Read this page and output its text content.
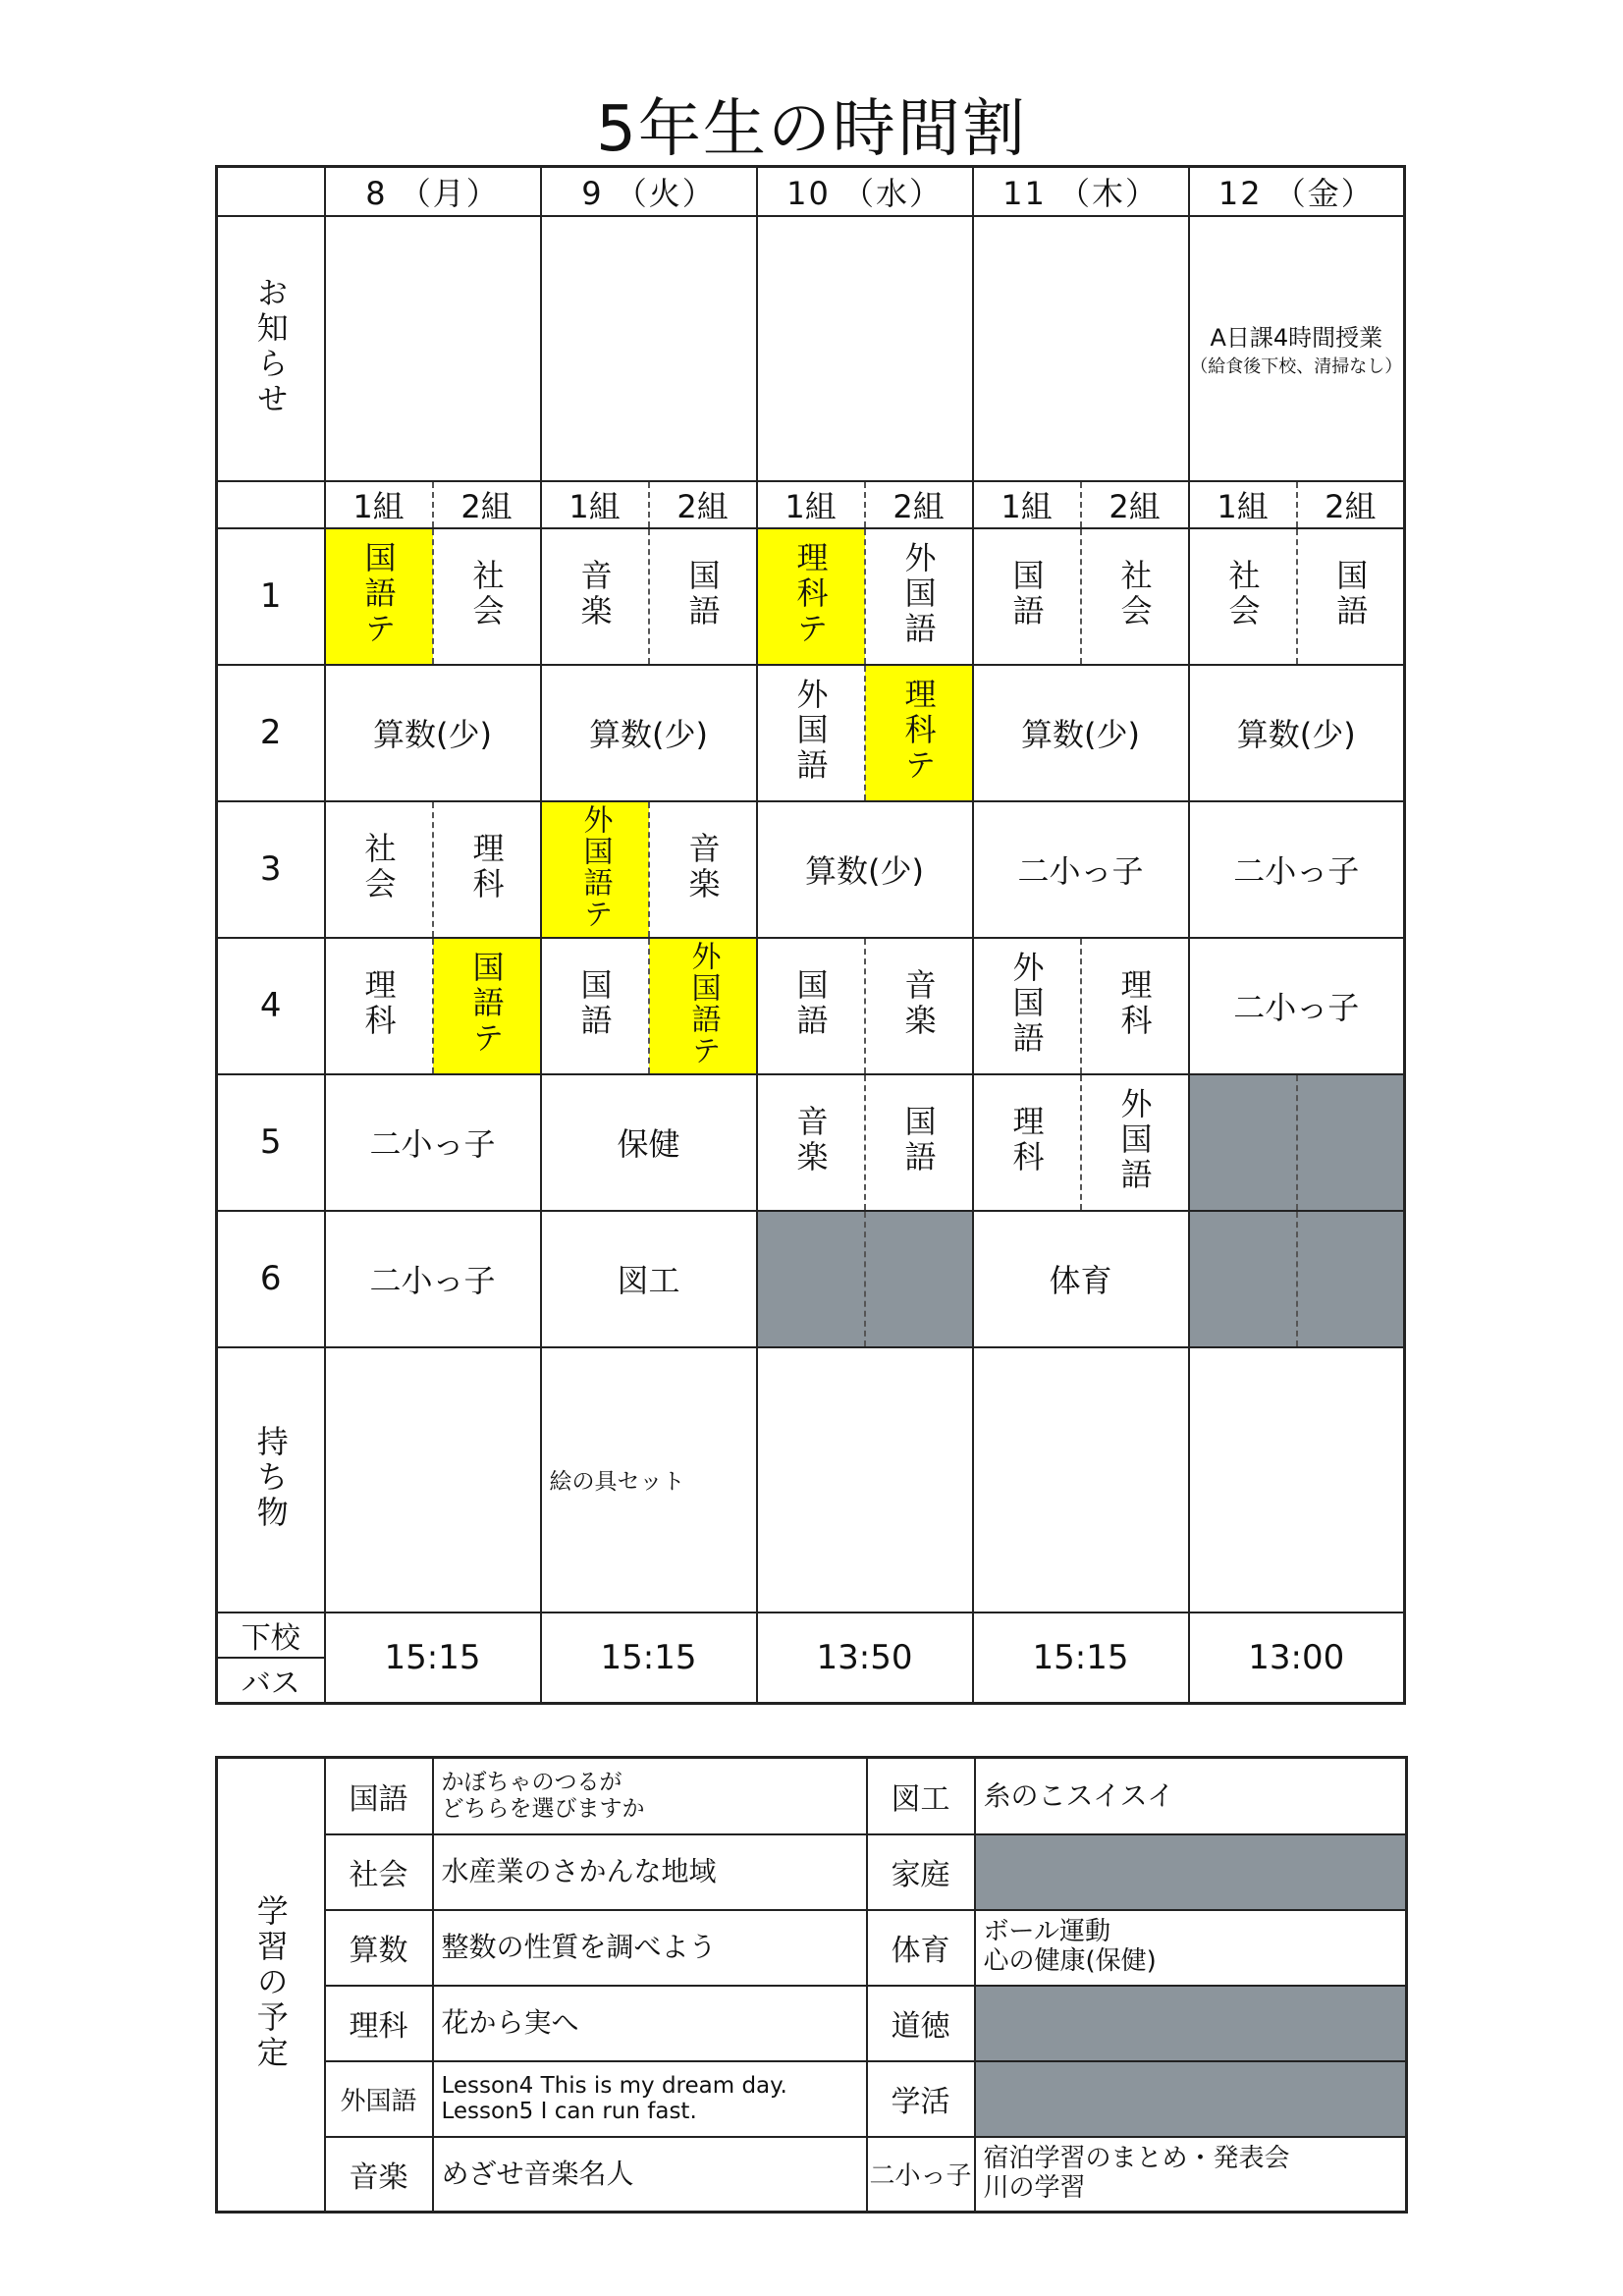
5年生の時間割
	8 （月）		9 （火）		10 （水）		11 （木）		12 （金）	
お知らせ									A日課4時間授業
（給食後下校、清掃なし）	

	1組	2組	1組	2組	1組	2組	1組	2組	1組	2組
1	国語テ	社会	音楽	国語	理科テ	外国語	国語	社会	社会	国語
2	算数(少)		算数(少)		外国語	理科テ	算数(少)		算数(少)	
3	社会	理科	外国語テ	音楽	算数(少)		二小っ子		二小っ子	
4	理科	国語テ	国語	外国語テ	国語	音楽	外国語	理科	二小っ子	
5	二小っ子		保健		音楽	国語	理科	外国語		
6	二小っ子		図工				体育			
持ち物			絵の具セット							
下校	15:15		15:15		13:50		15:15		13:00	
バス										
学習の予定	国語	かぼちゃのつるが
どちらを選びますか	図工	糸のこスイスイ
	社会	水産業のさかんな地域	家庭	
	算数	整数の性質を調べよう	体育	ボール運動
心の健康(保健)
	理科	花から実へ	道徳	
	外国語	Lesson4 This is my dream day.
Lesson5 I can run fast.	学活	
	音楽	めざせ音楽名人	二小っ子	宿泊学習のまとめ・発表会
川の学習
